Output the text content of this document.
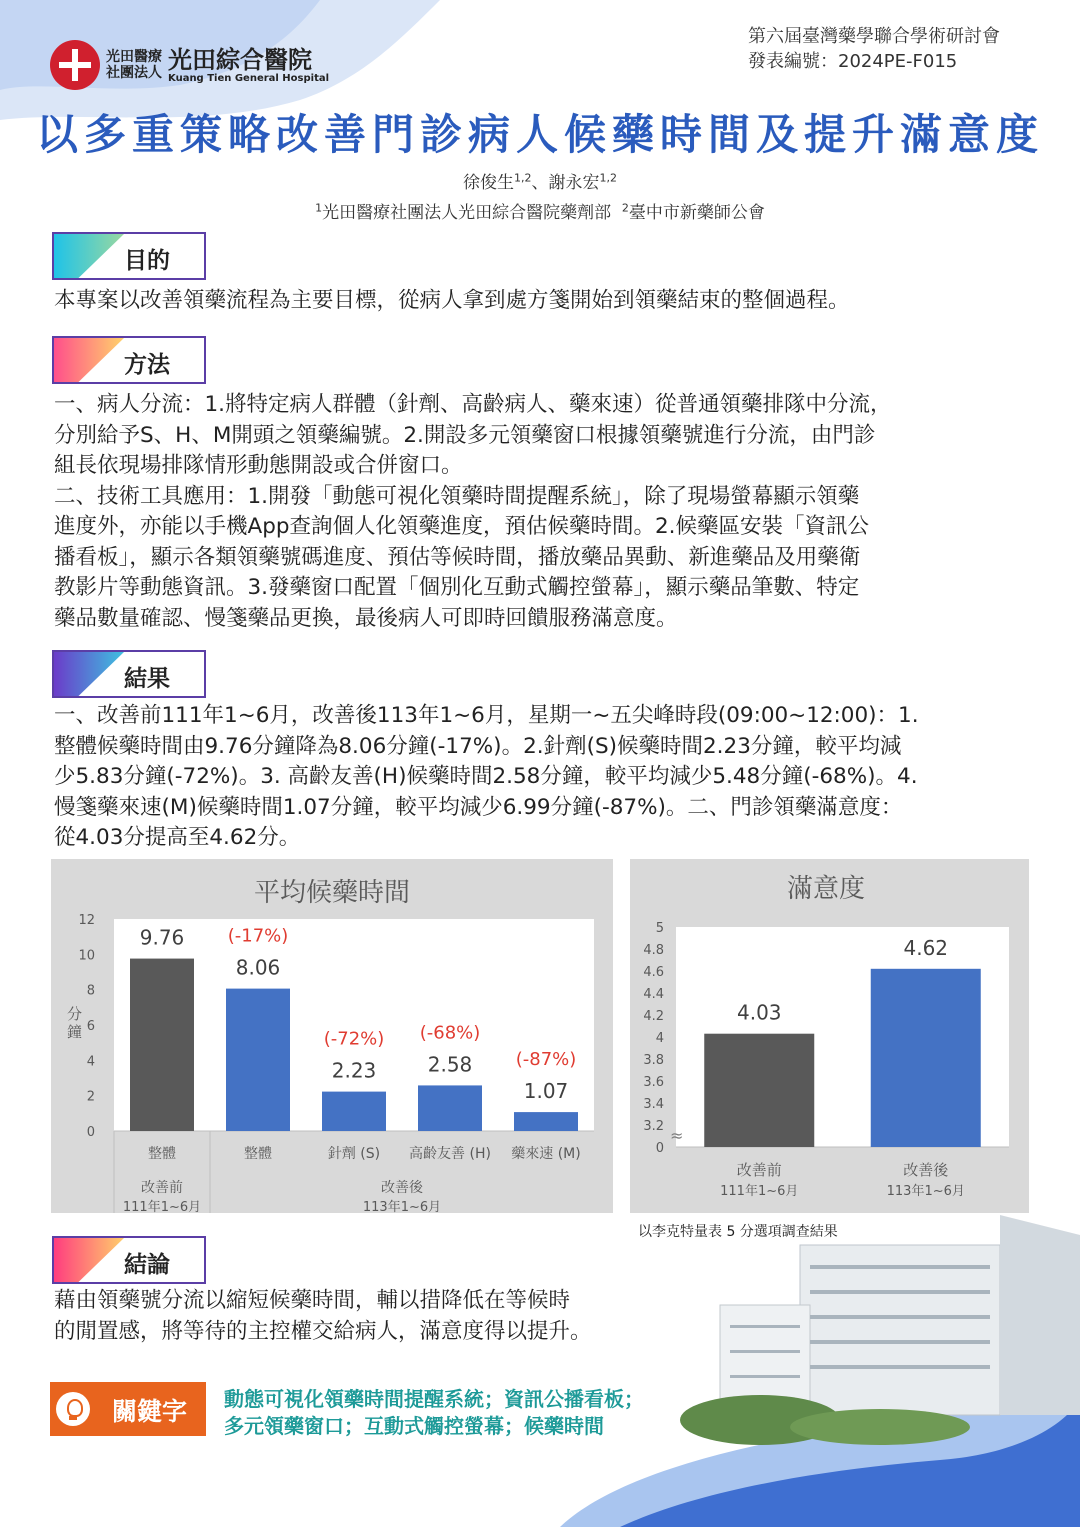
光田醫療
社團法人 光田綜合醫院
Kuang Tien General Hospital
第六屆臺灣藥學聯合學術研討會
發表編號：2024PE-F015
以多重策略改善門診病人候藥時間及提升滿意度
徐俊生$^{1,2}$、謝永宏$^{1,2}$
$^1$光田醫療社團法人光田綜合醫院藥劑部 $^2$臺中市新藥師公會
目的
本專案以改善領藥流程為主要目標，從病人拿到處方箋開始到領藥結束的整個過程。
方法
一、病人分流：1.將特定病人群體（針劑、高齡病人、藥來速）從普通領藥排隊中分流，
分別給予S、H、M開頭之領藥編號。2.開設多元領藥窗口根據領藥號進行分流，由門診
組長依現場排隊情形動態開設或合併窗口。
二、技術工具應用：1.開發「動態可視化領藥時間提醒系統」，除了現場螢幕顯示領藥
進度外，亦能以手機App查詢個人化領藥進度，預估候藥時間。2.候藥區安裝「資訊公
播看板」，顯示各類領藥號碼進度、預估等候時間，播放藥品異動、新進藥品及用藥衛
教影片等動態資訊。3.發藥窗口配置「個別化互動式觸控螢幕」，顯示藥品筆數、特定
藥品數量確認、慢箋藥品更換，最後病人可即時回饋服務滿意度。
結果
一、改善前111年1~6月，改善後113年1~6月，星期一~五尖峰時段(09:00~12:00)：1.
整體候藥時間由9.76分鐘降為8.06分鐘(-17%)。2.針劑(S)候藥時間2.23分鐘，較平均減
少5.83分鐘(-72%)。3. 高齡友善(H)候藥時間2.58分鐘，較平均減少5.48分鐘(-68%)。4.
慢箋藥來速(M)候藥時間1.07分鐘，較平均減少6.99分鐘(-87%)。二、門診領藥滿意度：
從4.03分提高至4.62分。
平均候藥時間
0
2
4
6
8
10
12
分鐘
9.76
整體
8.06
(-17%)
整體
2.23
(-72%)
針劑 (S)
2.58
(-68%)
高齡友善 (H)
1.07
(-87%)
藥來速 (M)
改善前
111年1~6月
改善後
113年1~6月
滿意度
0
3.2
3.4
3.6
3.8
4
4.2
4.4
4.6
4.8
5
≈
4.03
改善前
111年1~6月
4.62
改善後
113年1~6月
以李克特量表 5 分選項調查結果
結論
藉由領藥號分流以縮短候藥時間，輔以措降低在等候時
的閒置感，將等待的主控權交給病人，滿意度得以提升。
關鍵字 動態可視化領藥時間提醒系統；資訊公播看板；
多元領藥窗口；互動式觸控螢幕；候藥時間
